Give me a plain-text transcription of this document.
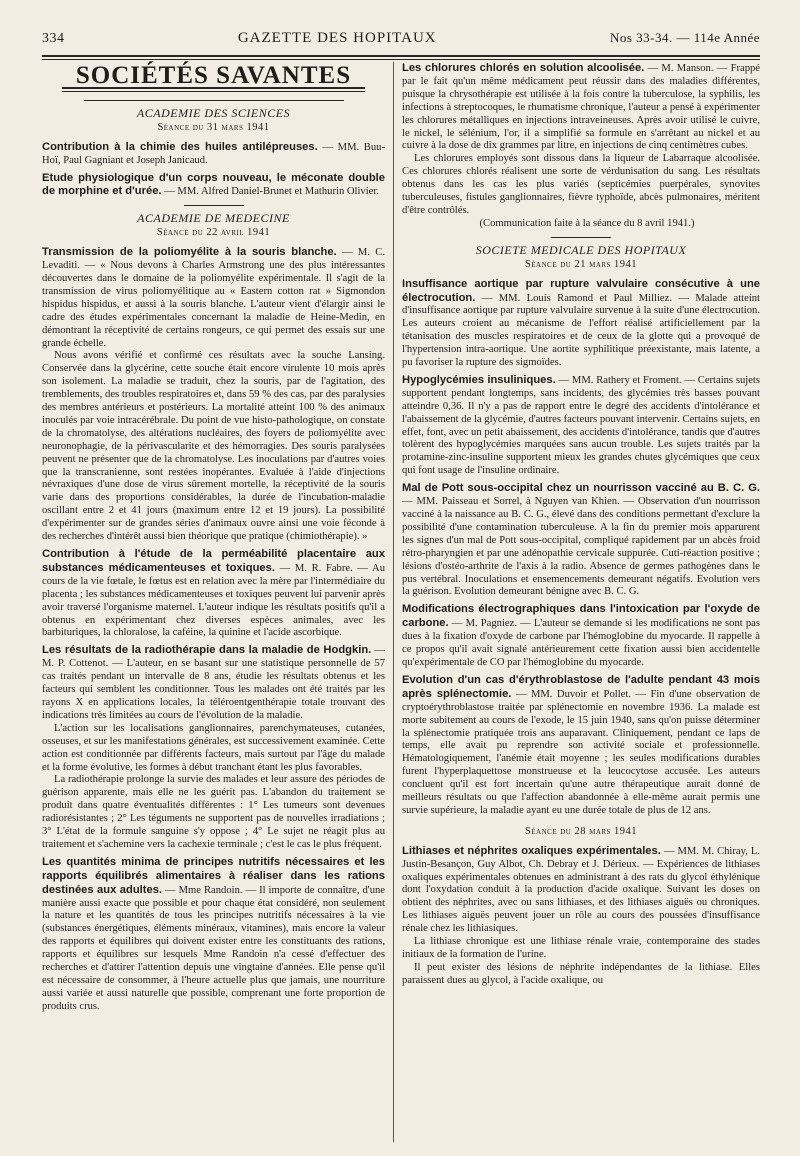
334	GAZETTE DES HOPITAUX	Nos 33-34. — 114e Année
SOCIÉTÉS SAVANTES
ACADEMIE DES SCIENCES
Séance du 31 mars 1941
Contribution à la chimie des huiles antilépreuses. — MM. Buu-Hoï, Paul Gagniant et Joseph Janicaud.
Etude physiologique d'un corps nouveau, le méconate double de morphine et d'urée. — MM. Alfred Daniel-Brunet et Mathurin Olivier.
ACADEMIE DE MEDECINE
Séance du 22 avril 1941
Transmission de la poliomyélite à la souris blanche. — M. C. Levaditi. — « Nous devons à Charles Armstrong une des plus intéressantes découvertes dans le domaine de la poliomyélite expérimentale. Il s'agit de la transmission de virus poliomyélitique au « Eastern cotton rat » Sigmondon hispidus hispidus, et aussi à la souris blanche. L'auteur vient d'élargir ainsi le cadre des études expérimentales concernant la maladie de Heine-Medin, en démontrant la réceptivité de certains rongeurs, ce qui permet des essais sur une grande échelle.

Nous avons vérifié et confirmé ces résultats avec la souche Lansing. Conservée dans la glycérine, cette souche était encore virulente 10 mois après son isolement. La maladie se traduit, chez la souris, par de l'agitation, des tremblements, des troubles respiratoires et, dans 59 % des cas, par des paralysies des membres antérieurs et postérieurs. La mortalité atteint 100 % des animaux inoculés par voie intracérébrale. Du point de vue histo-pathologique, on constate de la chromatolyse, des altérations nucléaires, des foyers de poliomyélite avec neuronophagie, de la périvascularite et des hémorragies. Des souris paralysées peuvent ne présenter que de la chromatolyse. Les inoculations par d'autres voies que la transcranienne, sont restées inopérantes. Evaluée à l'aide d'injections névraxiques d'une dose de virus sûrement mortelle, la réceptivité de la souris varie dans des proportions considérables, la durée de l'incubation-maladie oscillant entre 2 et 41 jours (maximum entre 12 et 19 jours). La possibilité d'expérimenter sur de grandes séries d'animaux ouvre ainsi une voie féconde à des recherches d'intérêt aussi bien théorique que pratique (chimiothérapie). »

Contribution à l'étude de la perméabilité placentaire aux substances médicamenteuses et toxiques. — M. R. Fabre. — Au cours de la vie fœtale, le fœtus est en relation avec la mère par l'intermédiaire du placenta ; les substances médicamenteuses et toxiques peuvent lui parvenir après avoir traversé l'organisme maternel. L'auteur indique les résultats positifs qu'il a obtenus en expérimentant chez diverses espèces animales, avec les barbituriques, la chloralose, la caféine, la quinine et l'acide ascorbique.
Les résultats de la radiothérapie dans la maladie de Hodgkin. — M. P. Cottenot. — L'auteur, en se basant sur une statistique personnelle de 57 cas traités pendant un intervalle de 8 ans, étudie les résultats obtenus et les facteurs qui semblent les conditionner. Tous les malades ont été traités par les rayons X en applications locales, la téléroentgenthérapie totale trouvant des indications très limitées au cours de l'évolution de la maladie.

L'action sur les localisations ganglionnaires, parenchymateuses, cutanées, osseuses, et sur les manifestations générales, est successivement examinée. Cette action est conditionnée par différents facteurs, mais surtout par l'âge du malade et la forme évolutive, les formes à début tranchant étant les plus favorables.

La radiothérapie prolonge la survie des malades et leur assure des périodes de guérison apparente, mais elle ne les guérit pas. L'abandon du traitement se produit dans quatre éventualités différentes : 1° Les tumeurs sont devenues radiorésistantes ; 2° Les téguments ne supportent pas de nouvelles irradiations ; 3° L'état de la formule sanguine s'y oppose ; 4° Le sujet ne réagit plus au traitement et s'achemine vers la cachexie terminale ; c'est le cas le plus fréquent.

Les quantités minima de principes nutritifs nécessaires et les rapports équilibrés alimentaires à réaliser dans les rations destinées aux adultes. — Mme Randoin. — Il importe de connaître, d'une manière aussi exacte que possible et pour chaque état considéré, non seulement la nature et les quantités de tous les principes nutritifs nécessaires à la vie (substances énergétiques, éléments minéraux, vitamines), mais encore la valeur des rapports et équilibres qui doivent exister entre les constituants des rations, rapports et équilibres sur lesquels Mme Randoin n'a cessé d'effectuer des recherches et d'attirer l'attention depuis une vingtaine d'années. Elle pense qu'il est nécessaire de consommer, à l'heure actuelle plus que jamais, une nourriture aussi variée et aussi naturelle que possible, comprenant une forte proportion de produits crus.
Les chlorures chlorés en solution alcoolisée. — M. Manson. — Frappé par le fait qu'un même médicament peut réussir dans des maladies différentes, puisque la chrysothérapie est utilisée à la fois contre la tuberculose, la syphilis, les infections à streptocoques, le rhumatisme chronique, l'auteur a pensé à expérimenter les chlorures métalliques en injections intraveineuses. Après avoir utilisé le cuivre, le nickel, le sélénium, l'or, il a simplifié sa formule en s'arrêtant au nickel et au cuivre à la dose de dix grammes par litre, en injections de cinq centimètres cubes.

Les chlorures employés sont dissous dans la liqueur de Labarraque alcoolisée. Ces chlorures chlorés réalisent une sorte de vérdunisation du sang. Les résultats obtenus dans les cas les plus variés (septicémies puerpérales, synovites tuberculeuses, fistules ganglionnaires, fièvre typhoïde, abcès pulmonaires, méritent d'être contrôlés.

(Communication faite à la séance du 8 avril 1941.)

SOCIETE MEDICALE DES HOPITAUX
Séance du 21 mars 1941
Insuffisance aortique par rupture valvulaire consécutive à une électrocution. — MM. Louis Ramond et Paul Milliez. — Malade atteint d'insuffisance aortique par rupture valvulaire survenue à la suite d'une électrocution. Les auteurs croient au mécanisme de l'effort réalisé artificiellement par la tétanisation des muscles respiratoires et de ceux de la glotte qui a provoqué de l'hypertension intra-aortique. Une aortite syphilitique préexistante, mais latente, a pu favoriser la rupture des sigmoïdes.
Hypoglycémies insuliniques. — MM. Rathery et Froment. — Certains sujets supportent pendant longtemps, sans incidents, des glycémies très basses pouvant atteindre 0,36. Il n'y a pas de rapport entre le degré des accidents d'intolérance et l'abaissement de la glycémie, d'autres facteurs pouvant intervenir. Certains sujets, en effet, font, avec un petit abaissement, des accidents d'intolérance, tandis que d'autres tolèrent des hypoglycémies marquées sans aucun trouble. Les sujets traités par la protamine-zinc-insuline supportent mieux les grandes chutes glycémiques que ceux qui font usage de l'insuline ordinaire.
Mal de Pott sous-occipital chez un nourrisson vacciné au B. C. G. — MM. Paisseau et Sorrel, à Nguyen van Khien. — Observation d'un nourrisson vacciné à la naissance au B. C. G., élevé dans des conditions permettant d'exclure la possibilité d'une contamination tuberculeuse. A la fin du premier mois apparurent les signes d'un mal de Pott sous-occipital, compliqué rapidement par un abcès froid rétro-pharyngien et par une adénopathie cervicale suppurée. Cuti-réaction positive ; lésions d'ostéo-arthrite de l'axis à la radio. Absence de germes pathogènes dans le pus vertébral. Inoculations et ensemencements demeurant négatifs. Evolution vers la guérison. Evolution demeurant bénigne avec B. C. G.
Modifications électrographiques dans l'intoxication par l'oxyde de carbone. — M. Pagniez. — L'auteur se demande si les modifications ne sont pas dues à la fixation d'oxyde de carbone par l'hémoglobine du myocarde. Il rappelle à ce propos qu'il avait signalé antérieurement cette fixation aussi bien accidentelle qu'expérimentale de CO par l'hémoglobine du myocarde.
Evolution d'un cas d'érythroblastose de l'adulte pendant 43 mois après splénectomie. — MM. Duvoir et Pollet. — Fin d'une observation de cryptoérythroblastose traitée par splénectomie en novembre 1936. La malade est morte subitement au cours de l'exode, le 15 juin 1940, sans qu'on puisse déterminer la splénectomie pratiquée trois ans auparavant. Cliniquement, pendant ce laps de temps, elle avait pu reprendre son activité sociale et professionnelle. Hématologiquement, l'anémie était moyenne ; les seules modifications durables furent l'hyperplaquettose monstrueuse et la leucocytose accusée. Les auteurs concluent qu'il est fort incertain qu'une autre thérapeutique aurait donné de meilleurs résultats ou que l'affection abandonnée à elle-même aurait permis une survie supérieure, la maladie ayant eu une durée totale de plus de 12 ans.
Séance du 28 mars 1941
Lithiases et néphrites oxaliques expérimentales. — MM. M. Chiray, L. Justin-Besançon, Guy Albot, Ch. Debray et J. Dérieux. — Expériences de lithiases oxaliques expérimentales obtenues en administrant à des rats du glycol éthylénique dont l'oxydation conduit à la production d'acide oxalique. Suivant les doses on obtient des néphrites, avec ou sans lithiases, et des lithiases aiguës ou chroniques. Les lithiases aiguës peuvent jouer un rôle au cours des poussées d'insuffisance rénale chez les lithiasiques.

La lithiase chronique est une lithiase rénale vraie, contemporaine des stades initiaux de la formation de l'urine.

Il peut exister des lésions de néphrite indépendantes de la lithiase. Elles paraissent dues au glycol, à l'acide oxalique, ou
